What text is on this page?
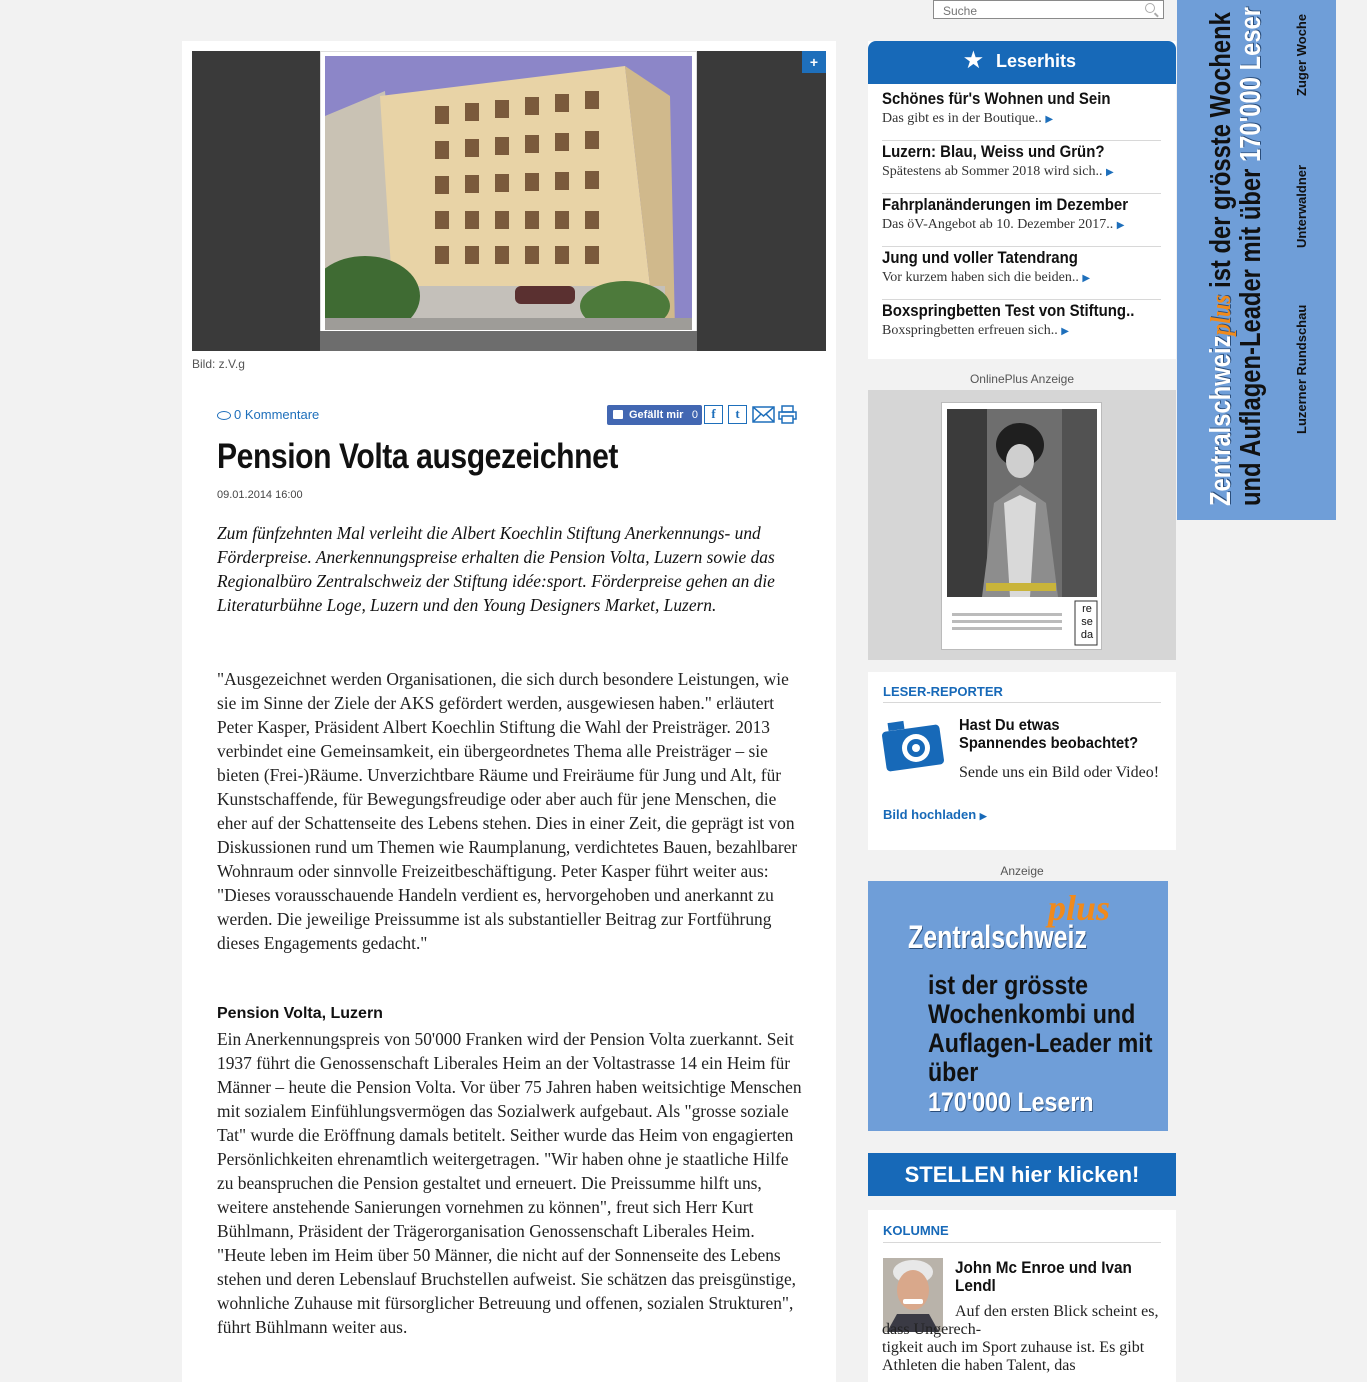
Suche
+
Bild: z.V.g
0 Kommentare	Gefällt mir 0	f	t
Pension Volta ausgezeichnet
09.01.2014 16:00

Zum fünfzehnten Mal verleiht die Albert Koechlin Stiftung Anerkennungs- und Förderpreise. Anerkennungspreise erhalten die Pension Volta, Luzern sowie das Regionalbüro Zentralschweiz der Stiftung idée:sport. Förderpreise gehen an die Literaturbühne Loge, Luzern und den Young Designers Market, Luzern.

"Ausgezeichnet werden Organisationen, die sich durch besondere Leistungen, wie sie im Sinne der Ziele der AKS gefördert werden, ausgewiesen haben." erläutert Peter Kasper, Präsident Albert Koechlin Stiftung die Wahl der Preisträger. 2013 verbindet eine Gemeinsamkeit, ein übergeordnetes Thema alle Preisträger – sie bieten (Frei-)Räume. Unverzichtbare Räume und Freiräume für Jung und Alt, für Kunstschaffende, für Bewegungsfreudige oder aber auch für jene Menschen, die eher auf der Schattenseite des Lebens stehen. Dies in einer Zeit, die geprägt ist von Diskussionen rund um Themen wie Raumplanung, verdichtetes Bauen, bezahlbarer Wohnraum oder sinnvolle Freizeitbeschäftigung. Peter Kasper führt weiter aus: "Dieses vorausschauende Handeln verdient es, hervorgehoben und anerkannt zu werden. Die jeweilige Preissumme ist als substantieller Beitrag zur Fortführung dieses Engagements gedacht."

Pension Volta, Luzern

Ein Anerkennungspreis von 50'000 Franken wird der Pension Volta zuerkannt. Seit 1937 führt die Genossenschaft Liberales Heim an der Voltastrasse 14 ein Heim für Männer – heute die Pension Volta. Vor über 75 Jahren haben weitsichtige Menschen mit sozialem Einfühlungsvermögen das Sozialwerk aufgebaut. Als "grosse soziale Tat" wurde die Eröffnung damals betitelt. Seither wurde das Heim von engagierten Persönlichkeiten ehrenamtlich weitergetragen. "Wir haben ohne je staatliche Hilfe zu beanspruchen die Pension gestaltet und erneuert. Die Preissumme hilft uns, weitere anstehende Sanierungen vornehmen zu können", freut sich Herr Kurt Bühlmann, Präsident der Trägerorganisation Genossenschaft Liberales Heim. "Heute leben im Heim über 50 Männer, die nicht auf der Sonnenseite des Lebens stehen und deren Lebenslauf Bruchstellen aufweist. Sie schätzen das preisgünstige, wohnliche Zuhause mit fürsorglicher Betreuung und offenen, sozialen Strukturen", führt Bühlmann weiter aus.

★ Leserhits
Schönes für's Wohnen und Sein
Das gibt es in der Boutique.. ▶
Luzern: Blau, Weiss und Grün?
Spätestens ab Sommer 2018 wird sich.. ▶
Fahrplanänderungen im Dezember
Das öV-Angebot ab 10. Dezember 2017.. ▶
Jung und voller Tatendrang
Vor kurzem haben sich die beiden.. ▶
Boxspringbetten Test von Stiftung..
Boxspringbetten erfreuen sich.. ▶
OnlinePlus Anzeige
re se da
LESER-REPORTER
Hast Du etwas Spannendes beobachtet?
Sende uns ein Bild oder Video!
Bild hochladen ▶
Anzeige
plus
Zentralschweiz
ist der grösste Wochenkombi und Auflagen-Leader mit über
170'000 Lesern
STELLEN hier klicken!
KOLUMNE
John Mc Enroe und Ivan Lendl
Auf den ersten Blick scheint es, dass Ungerech-
tigkeit auch im Sport zuhause ist. Es gibt Athleten die haben Talent, das
Zentralschweizplus ist der grösste Wochenk
und Auflagen-Leader mit über 170'000 Leser Zuger Woche
Unterwaldner
Luzerner Rundschau
